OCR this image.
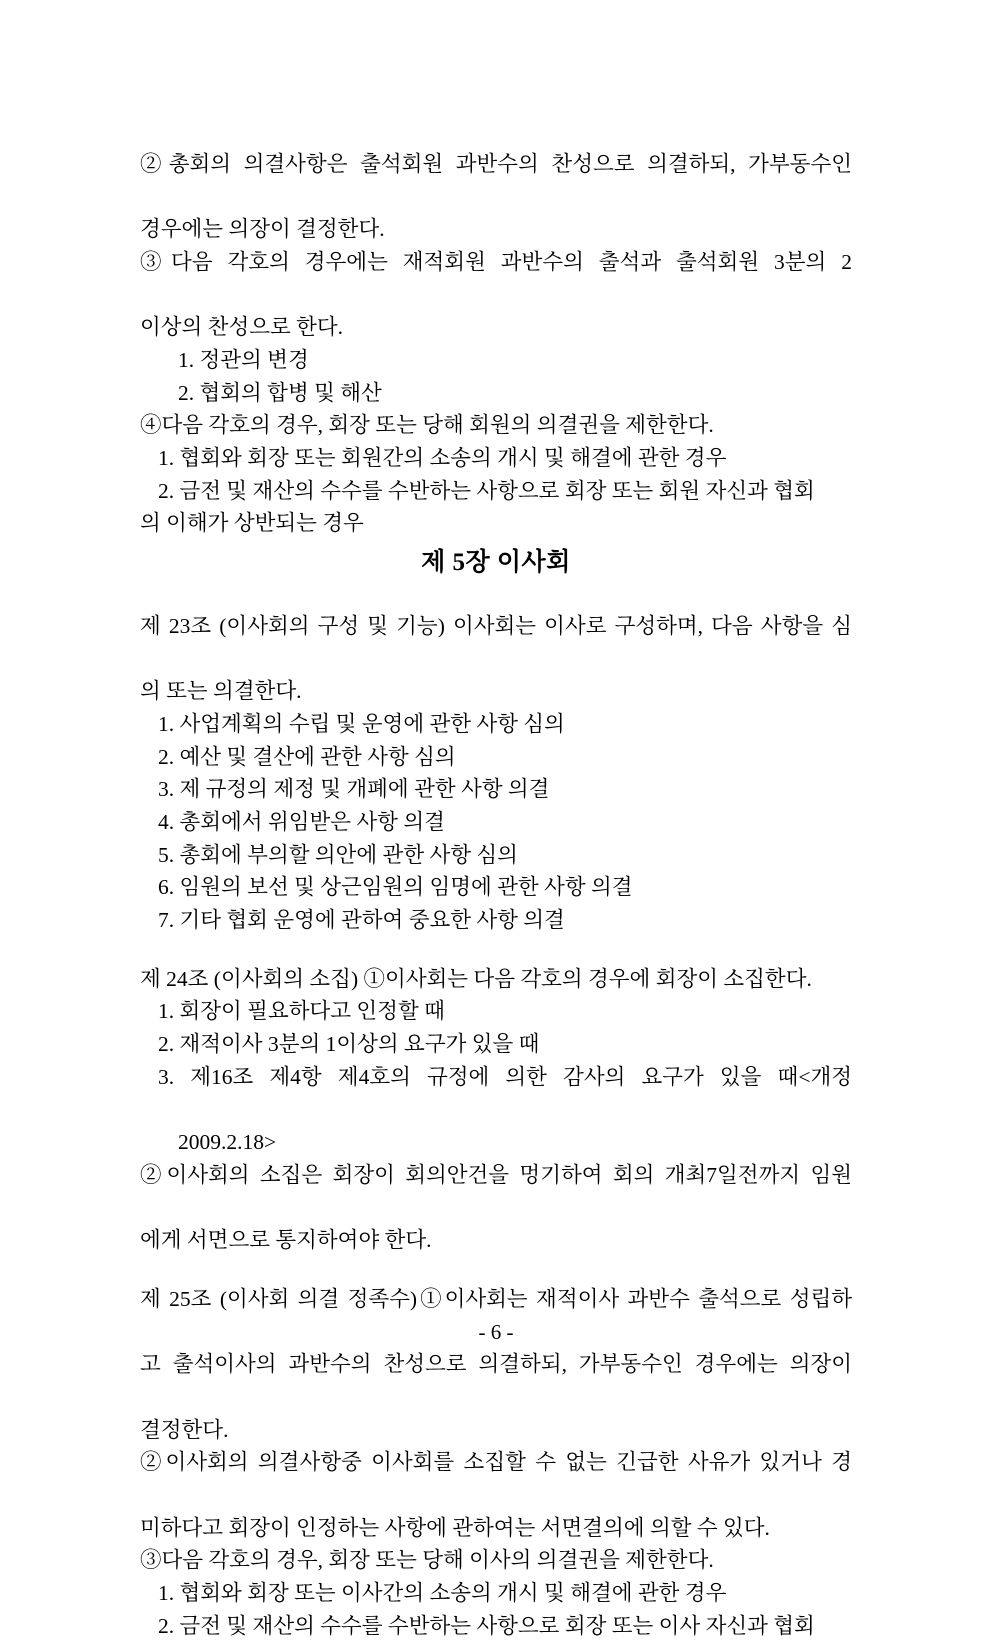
②총회의 의결사항은 출석회원 과반수의 찬성으로 의결하되, 가부동수인

경우에는 의장이 결정한다.

③다음 각호의 경우에는 재적회원 과반수의 출석과 출석회원 3분의 2

이상의 찬성으로 한다.

1. 정관의 변경

2. 협회의 합병 및 해산

④다음 각호의 경우, 회장 또는 당해 회원의 의결권을 제한한다.

1. 협회와 회장 또는 회원간의 소송의 개시 및 해결에 관한 경우

2. 금전 및 재산의 수수를 수반하는 사항으로 회장 또는 회원 자신과 협회

의 이해가 상반되는 경우

제 5장 이사회

제 23조 (이사회의 구성 및 기능) 이사회는 이사로 구성하며, 다음 사항을 심

의 또는 의결한다.

1. 사업계획의 수립 및 운영에 관한 사항 심의

2. 예산 및 결산에 관한 사항 심의

3. 제 규정의 제정 및 개폐에 관한 사항 의결

4. 총회에서 위임받은 사항 의결

5. 총회에 부의할 의안에 관한 사항 심의

6. 임원의 보선 및 상근임원의 임명에 관한 사항 의결

7. 기타 협회 운영에 관하여 중요한 사항 의결

제 24조 (이사회의 소집) ①이사회는 다음 각호의 경우에 회장이 소집한다.

1. 회장이 필요하다고 인정할 때

2. 재적이사 3분의 1이상의 요구가 있을 때

3. 제16조 제4항 제4호의 규정에 의한 감사의 요구가 있을 때<개정

2009.2.18>

②이사회의 소집은 회장이 회의안건을 멍기하여 회의 개최7일전까지 임원

에게 서면으로 통지하여야 한다.

제 25조 (이사회 의결 정족수)①이사회는 재적이사 과반수 출석으로 성립하

고 출석이사의 과반수의 찬성으로 의결하되, 가부동수인 경우에는 의장이

결정한다.

②이사회의 의결사항중 이사회를 소집할 수 없는 긴급한 사유가 있거나 경

미하다고 회장이 인정하는 사항에 관하여는 서면결의에 의할 수 있다.

③다음 각호의 경우, 회장 또는 당해 이사의 의결권을 제한한다.

1. 협회와 회장 또는 이사간의 소송의 개시 및 해결에 관한 경우

2. 금전 및 재산의 수수를 수반하는 사항으로 회장 또는 이사 자신과 협회

- 6 -
